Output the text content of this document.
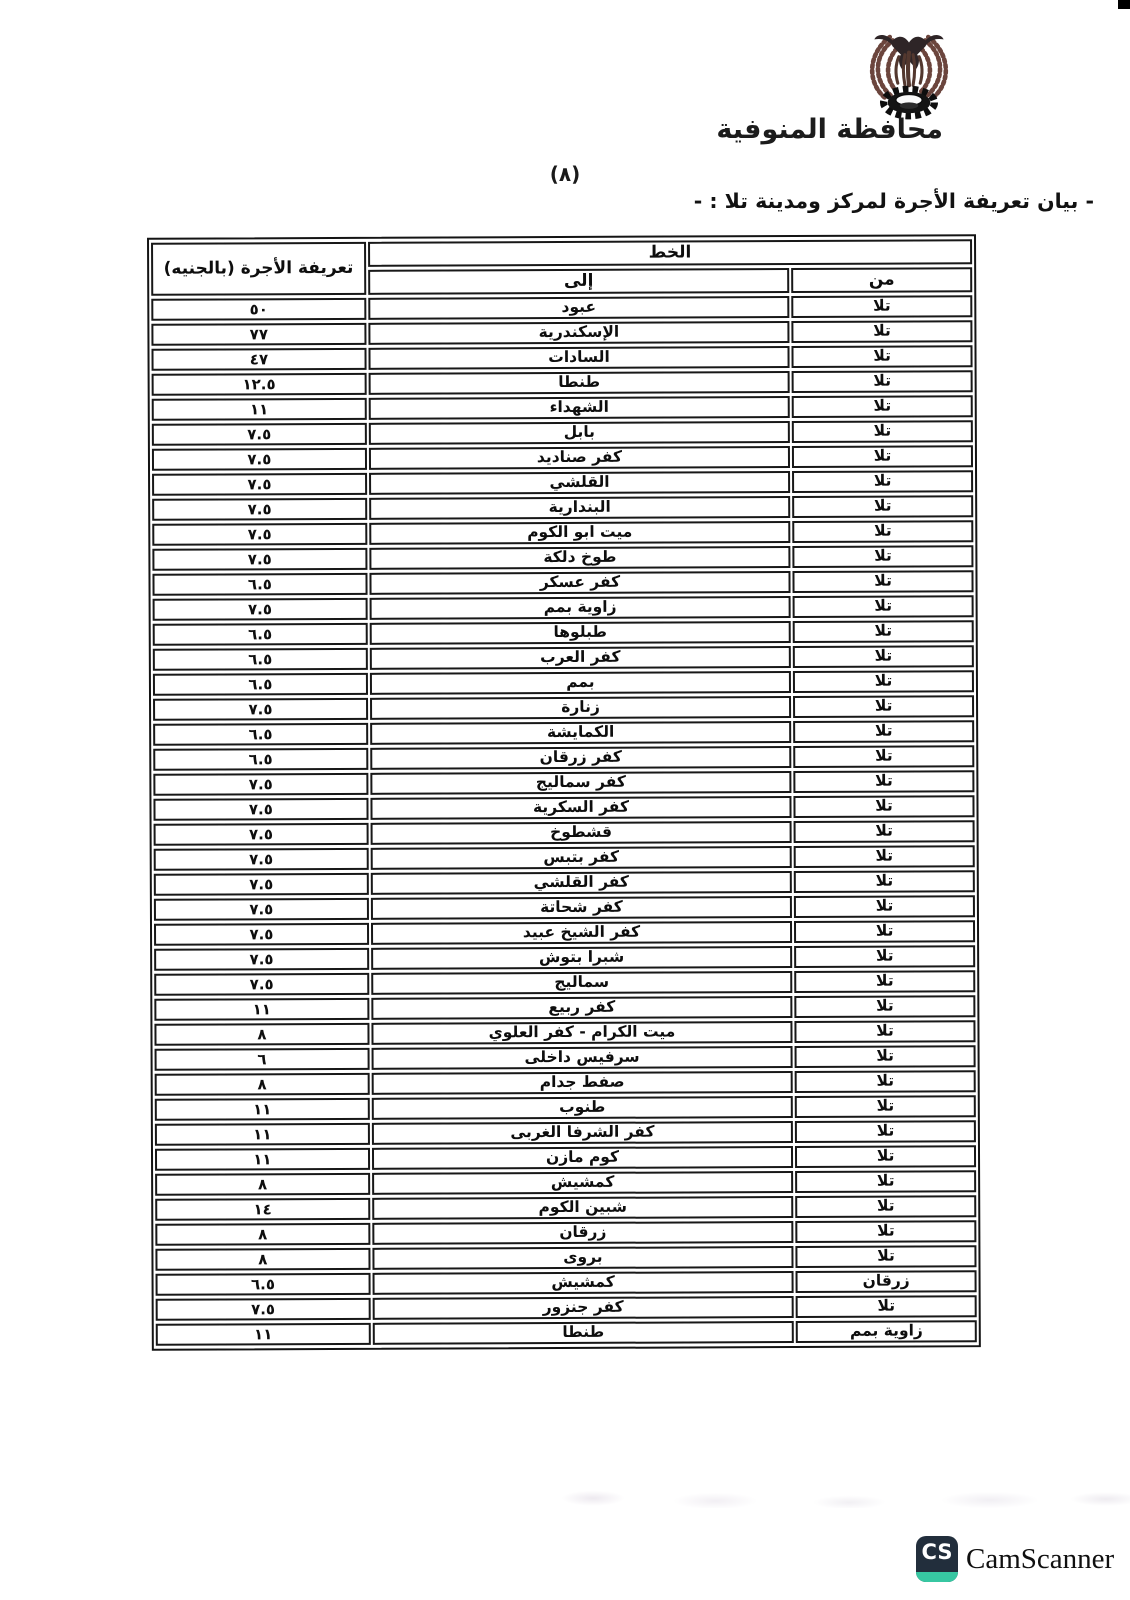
محافظة المنوفية
(٨)
- بيان تعريفة الأجرة لمركز ومدينة تلا : -
الخط		تعريفة الأجرة (بالجنيه)
من	إلى	
تلا	عبود	٥٠
تلا	الإسكندرية	٧٧
تلا	السادات	٤٧
تلا	طنطا	١٢.٥
تلا	الشهداء	١١
تلا	بابل	٧.٥
تلا	كفر صناديد	٧.٥
تلا	القلشي	٧.٥
تلا	البندارية	٧.٥
تلا	ميت ابو الكوم	٧.٥
تلا	طوخ دلكة	٧.٥
تلا	كفر عسكر	٦.٥
تلا	زاوية بمم	٧.٥
تلا	طبلوها	٦.٥
تلا	كفر العرب	٦.٥
تلا	بمم	٦.٥
تلا	زنارة	٧.٥
تلا	الكمايشة	٦.٥
تلا	كفر زرقان	٦.٥
تلا	كفر سماليج	٧.٥
تلا	كفر السكرية	٧.٥
تلا	قشطوخ	٧.٥
تلا	كفر بتبس	٧.٥
تلا	كفر القلشي	٧.٥
تلا	كفر شحاتة	٧.٥
تلا	كفر الشيخ عبيد	٧.٥
تلا	شبرا بتوش	٧.٥
تلا	سماليج	٧.٥
تلا	كفر ربيع	١١
تلا	ميت الكرام - كفر العلوي	٨
تلا	سرفيس داخلى	٦
تلا	صفط جدام	٨
تلا	طنوب	١١
تلا	كفر الشرفا الغربى	١١
تلا	كوم مازن	١١
تلا	كمشيش	٨
تلا	شبين الكوم	١٤
تلا	زرقان	٨
تلا	بروى	٨
زرقان	كمشيش	٦.٥
تلا	كفر جنزور	٧.٥
زاوية بمم	طنطا	١١
CS CamScanner
